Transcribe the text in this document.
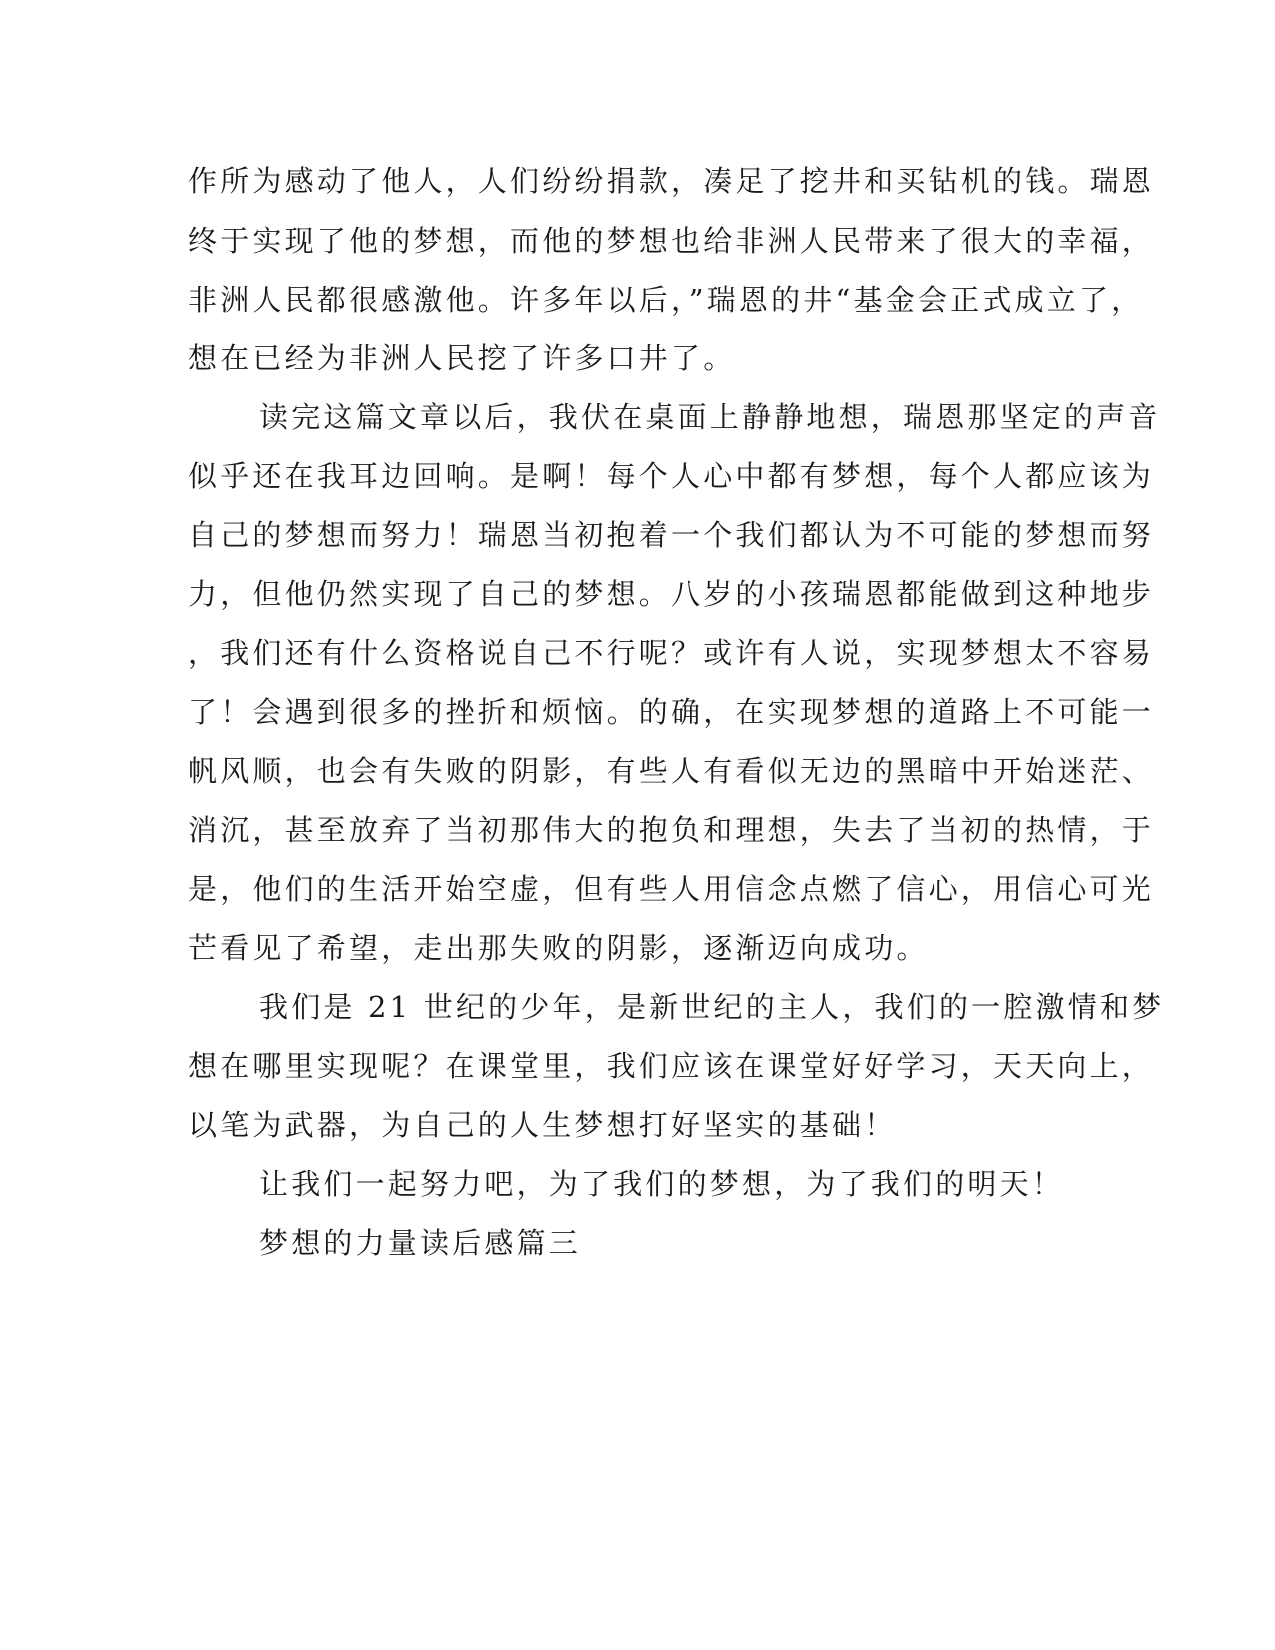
作所为感动了他人，人们纷纷捐款，凑足了挖井和买钻机的钱。瑞恩

终于实现了他的梦想，而他的梦想也给非洲人民带来了很大的幸福，

非洲人民都很感激他。许多年以后，”瑞恩的井“基金会正式成立了，

想在已经为非洲人民挖了许多口井了。

读完这篇文章以后，我伏在桌面上静静地想，瑞恩那坚定的声音

似乎还在我耳边回响。是啊！每个人心中都有梦想，每个人都应该为

自己的梦想而努力！瑞恩当初抱着一个我们都认为不可能的梦想而努

力，但他仍然实现了自己的梦想。八岁的小孩瑞恩都能做到这种地步

，我们还有什么资格说自己不行呢？或许有人说，实现梦想太不容易

了！会遇到很多的挫折和烦恼。的确，在实现梦想的道路上不可能一

帆风顺，也会有失败的阴影，有些人有看似无边的黑暗中开始迷茫、

消沉，甚至放弃了当初那伟大的抱负和理想，失去了当初的热情，于

是，他们的生活开始空虚，但有些人用信念点燃了信心，用信心可光

芒看见了希望，走出那失败的阴影，逐渐迈向成功。

我们是 21 世纪的少年，是新世纪的主人，我们的一腔激情和梦

想在哪里实现呢？在课堂里，我们应该在课堂好好学习，天天向上，

以笔为武器，为自己的人生梦想打好坚实的基础！

让我们一起努力吧，为了我们的梦想，为了我们的明天！

梦想的力量读后感篇三
